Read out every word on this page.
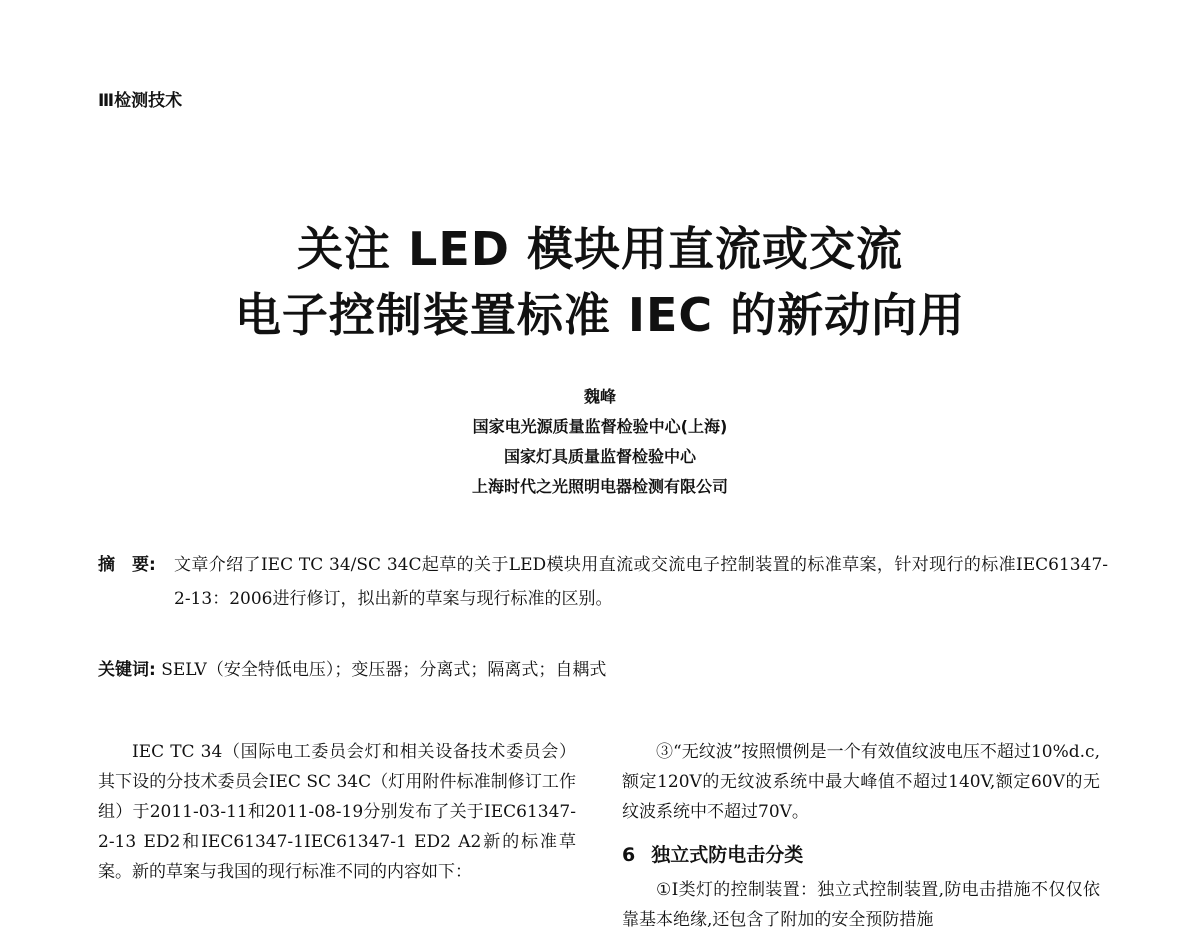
Ⅲ检测技术
关注 LED 模块用直流或交流
电子控制装置标准 IEC 的新动向用
魏峰
国家电光源质量监督检验中心(上海)
国家灯具质量监督检验中心
上海时代之光照明电器检测有限公司
摘　要: 文章介绍了IEC TC 34/SC 34C起草的关于LED模块用直流或交流电子控制装置的标准草案，针对现行的标准IEC61347-2-13：2006进行修订，拟出新的草案与现行标准的区别。
关键词: SELV（安全特低电压）；变压器；分离式；隔离式；自耦式

IEC TC 34（国际电工委员会灯和相关设备技术委员会）其下设的分技术委员会IEC SC 34C（灯用附件标准制修订工作组）于2011-03-11和2011-08-19分别发布了关于IEC61347-2-13 ED2和IEC61347-1IEC61347-1 ED2 A2新的标准草案。新的草案与我国的现行标准不同的内容如下：

③“无纹波”按照惯例是一个有效值纹波电压不超过10%d.c,额定120V的无纹波系统中最大峰值不超过140V,额定60V的无纹波系统中不超过70V。

6 独立式防电击分类

①I类灯的控制装置：独立式控制装置,防电击措施不仅仅依靠基本绝缘,还包含了附加的安全预防措施
